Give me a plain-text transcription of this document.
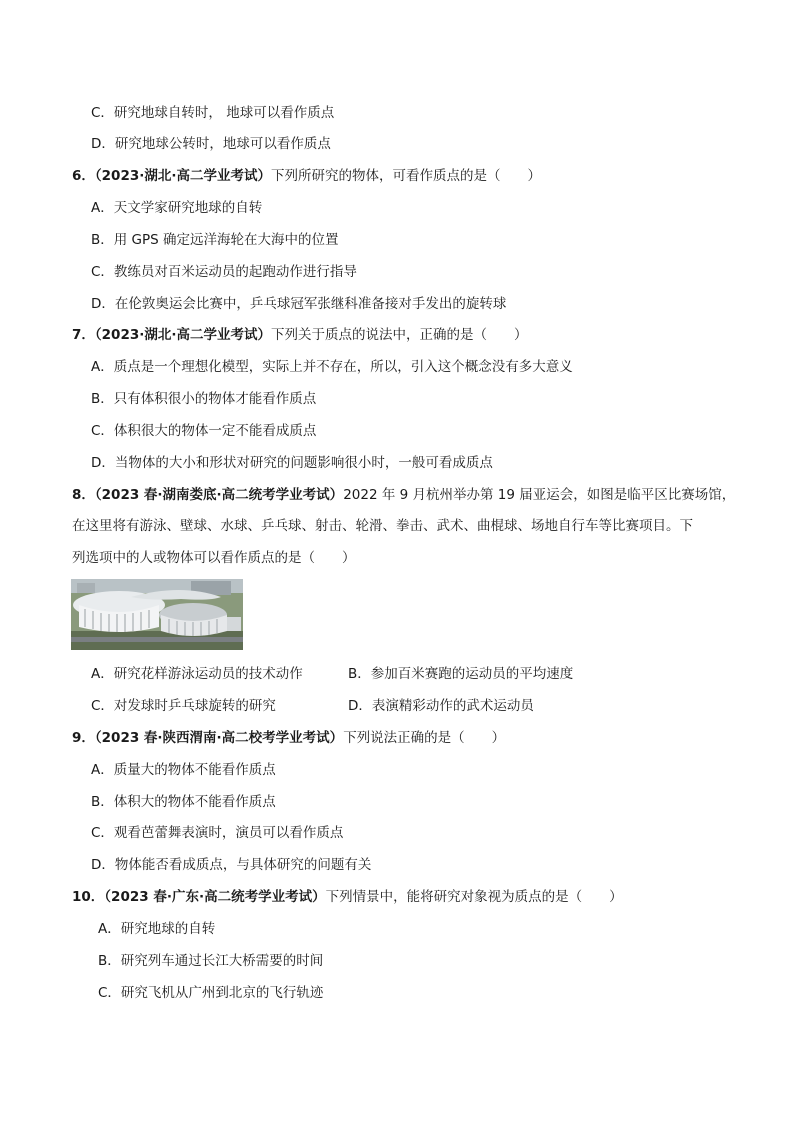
C．研究地球自转时， 地球可以看作质点
D．研究地球公转时，地球可以看作质点
6．（2023·湖北·高二学业考试）下列所研究的物体，可看作质点的是（　　）
A．天文学家研究地球的自转
B．用 GPS 确定远洋海轮在大海中的位置
C．教练员对百米运动员的起跑动作进行指导
D．在伦敦奥运会比赛中，乒乓球冠军张继科准备接对手发出的旋转球
7．（2023·湖北·高二学业考试）下列关于质点的说法中，正确的是（　　）
A．质点是一个理想化模型，实际上并不存在，所以，引入这个概念没有多大意义
B．只有体积很小的物体才能看作质点
C．体积很大的物体一定不能看成质点
D．当物体的大小和形状对研究的问题影响很小时，一般可看成质点
8．（2023 春·湖南娄底·高二统考学业考试）2022 年 9 月杭州举办第 19 届亚运会，如图是临平区比赛场馆，
在这里将有游泳、壁球、水球、乒乓球、射击、轮滑、拳击、武术、曲棍球、场地自行车等比赛项目。下
列选项中的人或物体可以看作质点的是（　　）
A．研究花样游泳运动员的技术动作	B．参加百米赛跑的运动员的平均速度
C．对发球时乒乓球旋转的研究	D．表演精彩动作的武术运动员
9．（2023 春·陕西渭南·高二校考学业考试）下列说法正确的是（　　）
A．质量大的物体不能看作质点
B．体积大的物体不能看作质点
C．观看芭蕾舞表演时，演员可以看作质点
D．物体能否看成质点，与具体研究的问题有关
10．（2023 春·广东·高二统考学业考试）下列情景中，能将研究对象视为质点的是（　　）
A．研究地球的自转
B．研究列车通过长江大桥需要的时间
C．研究飞机从广州到北京的飞行轨迹
